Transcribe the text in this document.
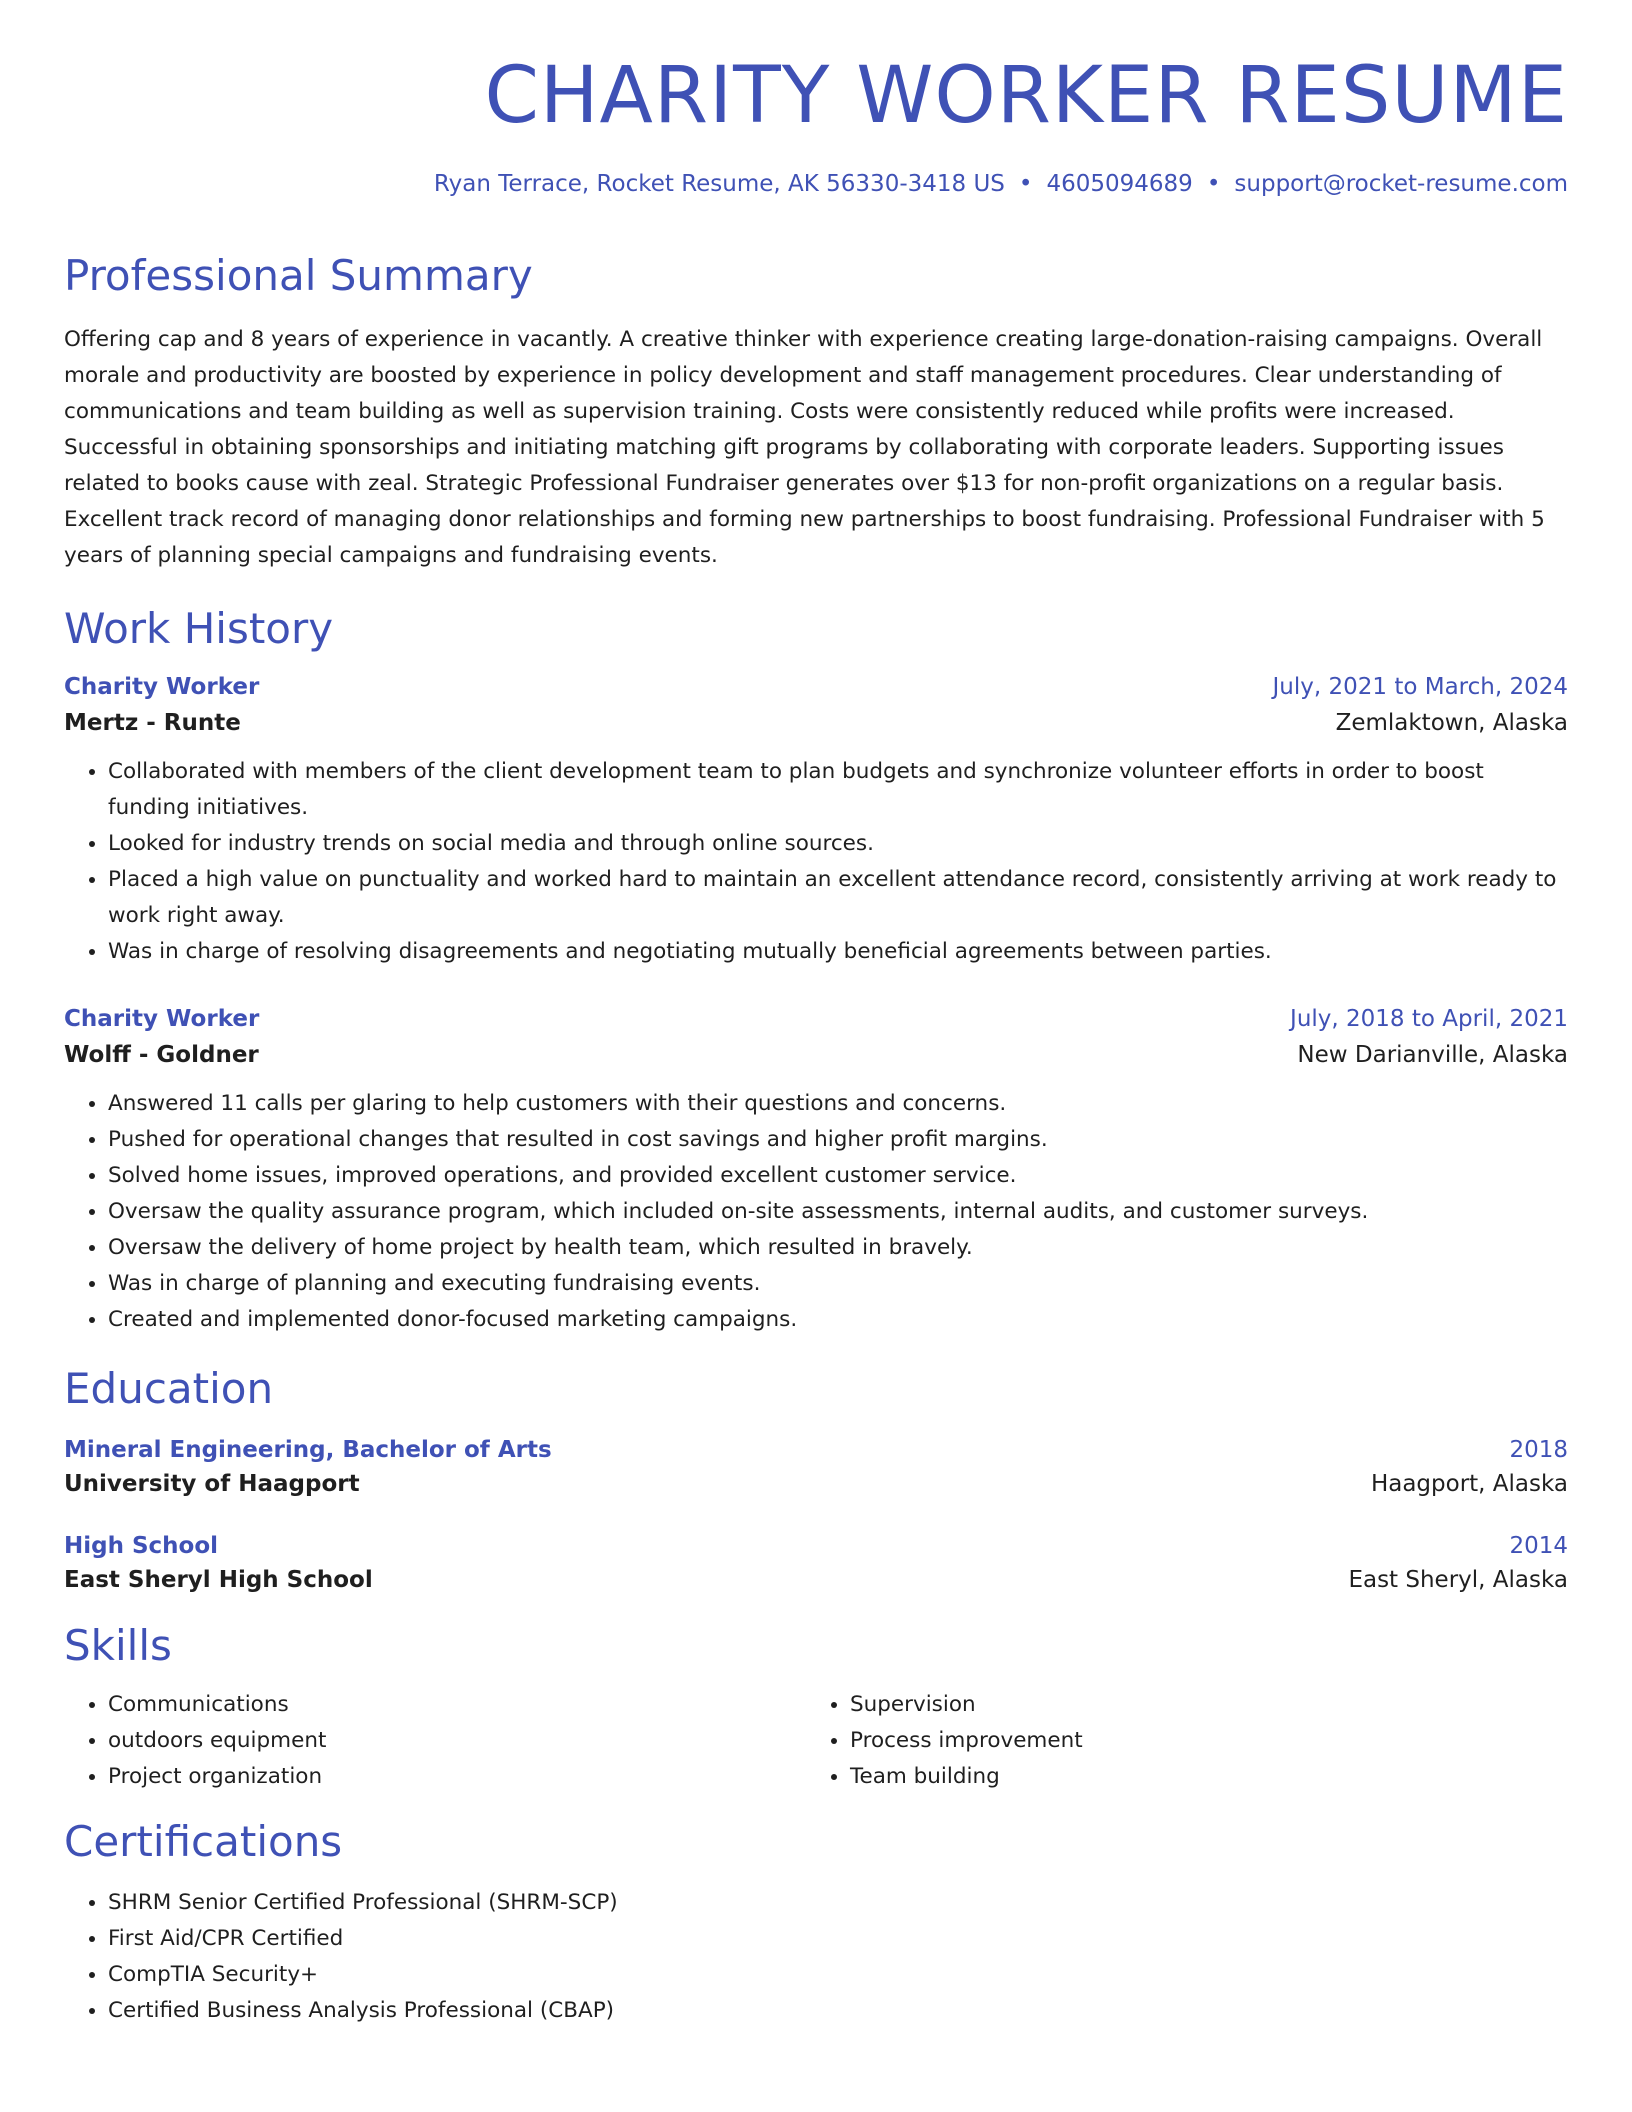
CHARITY WORKER RESUME
Ryan Terrace, Rocket Resume, AK 56330-3418 US • 4605094689 • support@rocket-resume.com
Professional Summary

Offering cap and 8 years of experience in vacantly. A creative thinker with experience creating large-donation-raising campaigns. Overall morale and productivity are boosted by experience in policy development and staff management procedures. Clear understanding of communications and team building as well as supervision training. Costs were consistently reduced while profits were increased. Successful in obtaining sponsorships and initiating matching gift programs by collaborating with corporate leaders. Supporting issues related to books cause with zeal. Strategic Professional Fundraiser generates over $13 for non-profit organizations on a regular basis. Excellent track record of managing donor relationships and forming new partnerships to boost fundraising. Professional Fundraiser with 5 years of planning special campaigns and fundraising events.

Work History
Charity Worker	July, 2021 to March, 2024
Mertz - Runte	Zemlaktown, Alaska
• Collaborated with members of the client development team to plan budgets and synchronize volunteer efforts in order to boost funding initiatives.
• Looked for industry trends on social media and through online sources.
• Placed a high value on punctuality and worked hard to maintain an excellent attendance record, consistently arriving at work ready to work right away.
• Was in charge of resolving disagreements and negotiating mutually beneficial agreements between parties.
Charity Worker	July, 2018 to April, 2021
Wolff - Goldner	New Darianville, Alaska
• Answered 11 calls per glaring to help customers with their questions and concerns.
• Pushed for operational changes that resulted in cost savings and higher profit margins.
• Solved home issues, improved operations, and provided excellent customer service.
• Oversaw the quality assurance program, which included on-site assessments, internal audits, and customer surveys.
• Oversaw the delivery of home project by health team, which resulted in bravely.
• Was in charge of planning and executing fundraising events.
• Created and implemented donor-focused marketing campaigns.
Education
Mineral Engineering, Bachelor of Arts	2018
University of Haagport	Haagport, Alaska
High School	2014
East Sheryl High School	East Sheryl, Alaska
Skills
• Communications
• outdoors equipment
• Project organization
• Supervision
• Process improvement
• Team building
Certifications
• SHRM Senior Certified Professional (SHRM-SCP)
• First Aid/CPR Certified
• CompTIA Security+
• Certified Business Analysis Professional (CBAP)
